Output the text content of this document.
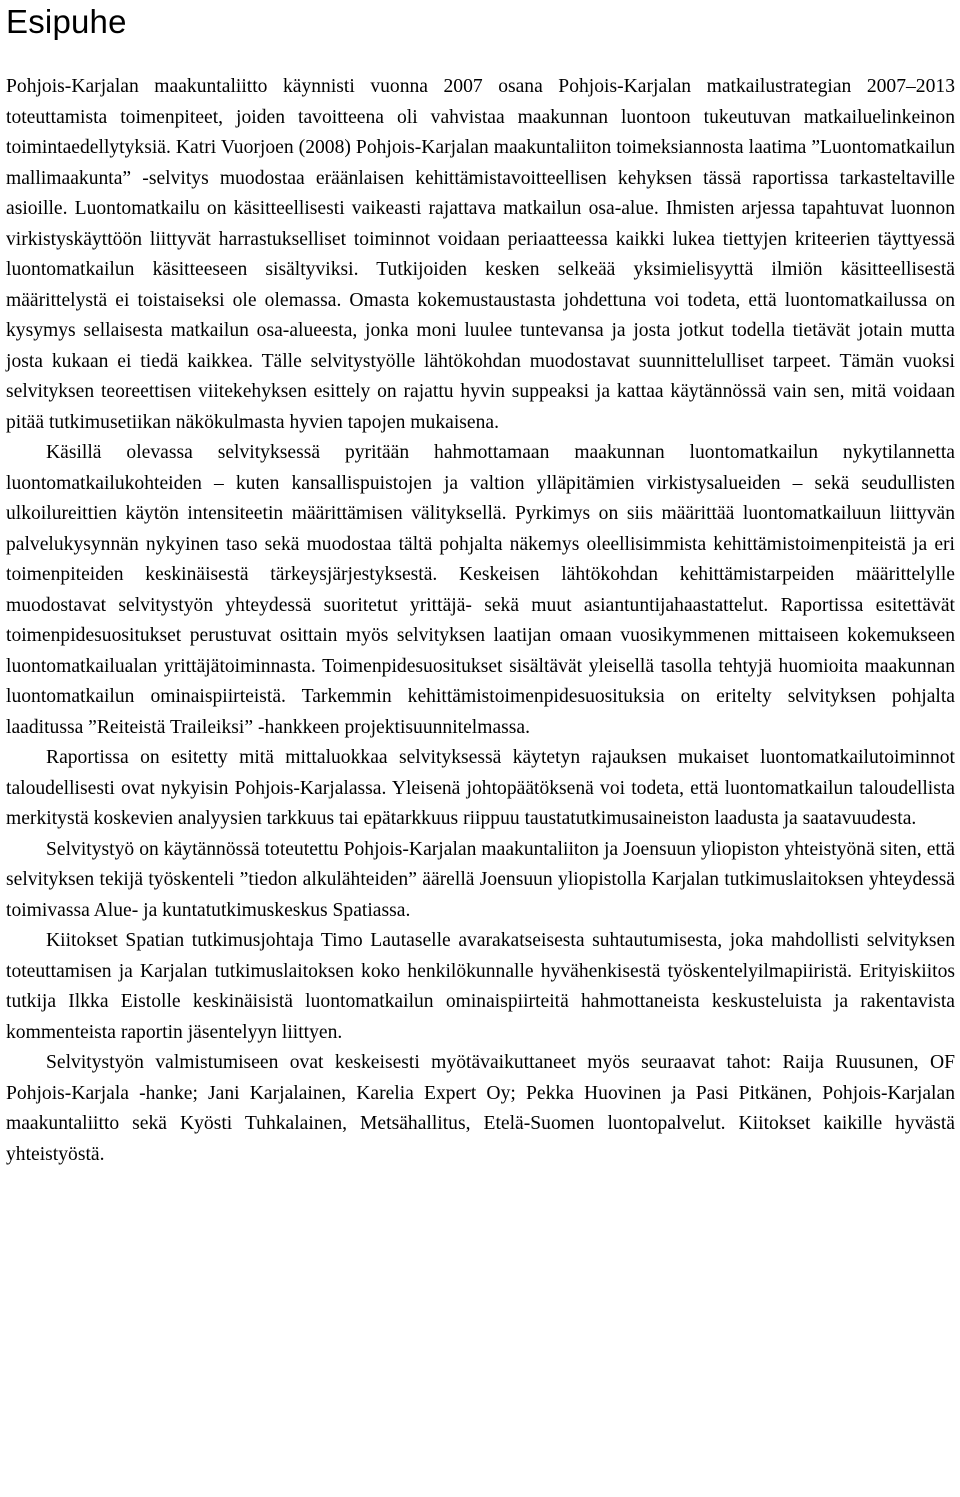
Esipuhe

Pohjois-Karjalan maakuntaliitto käynnisti vuonna 2007 osana Pohjois-Karjalan matkailustrategian 2007–2013 toteuttamista toimenpiteet, joiden tavoitteena oli vahvistaa maakunnan luontoon tukeutuvan matkailuelinkeinon toimintaedellytyksiä. Katri Vuorjoen (2008) Pohjois-Karjalan maakuntaliiton toimeksiannosta laatima ”Luontomatkailun mallimaakunta” -selvitys muodostaa eräänlaisen kehittämistavoitteellisen kehyksen tässä raportissa tarkasteltaville asioille. Luontomatkailu on käsitteellisesti vaikeasti rajattava matkailun osa-alue. Ihmisten arjessa tapahtuvat luonnon virkistyskäyttöön liittyvät harrastukselliset toiminnot voidaan periaatteessa kaikki lukea tiettyjen kriteerien täyttyessä luontomatkailun käsitteeseen sisältyviksi. Tutkijoiden kesken selkeää yksimielisyyttä ilmiön käsitteellisestä määrittelystä ei toistaiseksi ole olemassa. Omasta kokemustaustasta johdettuna voi todeta, että luontomatkailussa on kysymys sellaisesta matkailun osa-alueesta, jonka moni luulee tuntevansa ja josta jotkut todella tietävät jotain mutta josta kukaan ei tiedä kaikkea. Tälle selvitystyölle lähtökohdan muodostavat suunnittelulliset tarpeet. Tämän vuoksi selvityksen teoreettisen viitekehyksen esittely on rajattu hyvin suppeaksi ja kattaa käytännössä vain sen, mitä voidaan pitää tutkimusetiikan näkökulmasta hyvien tapojen mukaisena.

Käsillä olevassa selvityksessä pyritään hahmottamaan maakunnan luontomatkailun nykytilannetta luontomatkailukohteiden – kuten kansallispuistojen ja valtion ylläpitämien virkistysalueiden – sekä seudullisten ulkoilureittien käytön intensiteetin määrittämisen välityksellä. Pyrkimys on siis määrittää luontomatkailuun liittyvän palvelukysynnän nykyinen taso sekä muodostaa tältä pohjalta näkemys oleellisimmista kehittämistoimenpiteistä ja eri toimenpiteiden keskinäisestä tärkeysjärjestyksestä. Keskeisen lähtökohdan kehittämistarpeiden määrittelylle muodostavat selvitystyön yhteydessä suoritetut yrittäjä- sekä muut asiantuntijahaastattelut. Raportissa esitettävät toimenpidesuositukset perustuvat osittain myös selvityksen laatijan omaan vuosikymmenen mittaiseen kokemukseen luontomatkailualan yrittäjätoiminnasta. Toimenpidesuositukset sisältävät yleisellä tasolla tehtyjä huomioita maakunnan luontomatkailun ominaispiirteistä. Tarkemmin kehittämistoimenpidesuosituksia on eritelty selvityksen pohjalta laaditussa ”Reiteistä Traileiksi” -hankkeen projektisuunnitelmassa.

Raportissa on esitetty mitä mittaluokkaa selvityksessä käytetyn rajauksen mukaiset luontomatkailutoiminnot taloudellisesti ovat nykyisin Pohjois-Karjalassa. Yleisenä johtopäätöksenä voi todeta, että luontomatkailun taloudellista merkitystä koskevien analyysien tarkkuus tai epätarkkuus riippuu taustatutkimusaineiston laadusta ja saatavuudesta.

Selvitystyö on käytännössä toteutettu Pohjois-Karjalan maakuntaliiton ja Joensuun yliopiston yhteistyönä siten, että selvityksen tekijä työskenteli ”tiedon alkulähteiden” äärellä Joensuun yliopistolla Karjalan tutkimuslaitoksen yhteydessä toimivassa Alue- ja kuntatutkimuskeskus Spatiassa.

Kiitokset Spatian tutkimusjohtaja Timo Lautaselle avarakatseisesta suhtautumisesta, joka mahdollisti selvityksen toteuttamisen ja Karjalan tutkimuslaitoksen koko henkilökunnalle hyvähenkisestä työskentelyilmapiiristä. Erityiskiitos tutkija Ilkka Eistolle keskinäisistä luontomatkailun ominaispiirteitä hahmottaneista keskusteluista ja rakentavista kommenteista raportin jäsentelyyn liittyen.

Selvitystyön valmistumiseen ovat keskeisesti myötävaikuttaneet myös seuraavat tahot: Raija Ruusunen, OF Pohjois-Karjala -hanke; Jani Karjalainen, Karelia Expert Oy; Pekka Huovinen ja Pasi Pitkänen, Pohjois-Karjalan maakuntaliitto sekä Kyösti Tuhkalainen, Metsähallitus, Etelä-Suomen luontopalvelut. Kiitokset kaikille hyvästä yhteistyöstä.
